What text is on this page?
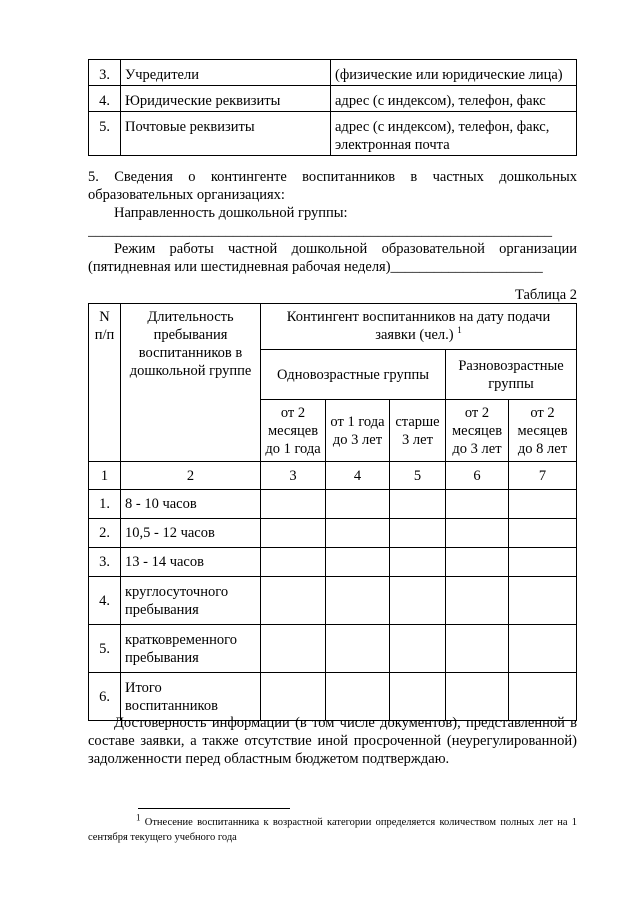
3.	Учредители	(физические или юридические лица)
4.	Юридические реквизиты	адрес (с индексом), телефон, факс
5.	Почтовые реквизиты	адрес (с индексом), телефон, факс, электронная почта

5. Сведения о контингенте воспитанников в частных дошкольных образовательных организациях:

Направленность дошкольной группы:

________________________________________________________________

Режим работы частной дошкольной образовательной организации (пятидневная или шестидневная рабочая неделя)_____________________

Таблица 2

N п/п	Длительность пребывания воспитанников в дошкольной группе	Контингент воспитанников на дату подачи заявки (чел.) $^1$
		Одновозрастные группы			Разновозрастные группы	
		от 2 месяцев до 1 года	от 1 года до 3 лет	старше 3 лет	от 2 месяцев до 3 лет	от 2 месяцев до 8 лет
1	2	3	4	5	6	7
1.	8 - 10 часов					
2.	10,5 - 12 часов					
3.	13 - 14 часов					
4.	круглосуточного пребывания					
5.	кратковременного пребывания					
6.	Итого воспитанников					

Достоверность информации (в том числе документов), представленной в составе заявки, а также отсутствие иной просроченной (неурегулированной) задолженности перед областным бюджетом подтверждаю.

$^1$ Отнесение воспитанника к возрастной категории определяется количеством полных лет на 1 сентября текущего учебного года
